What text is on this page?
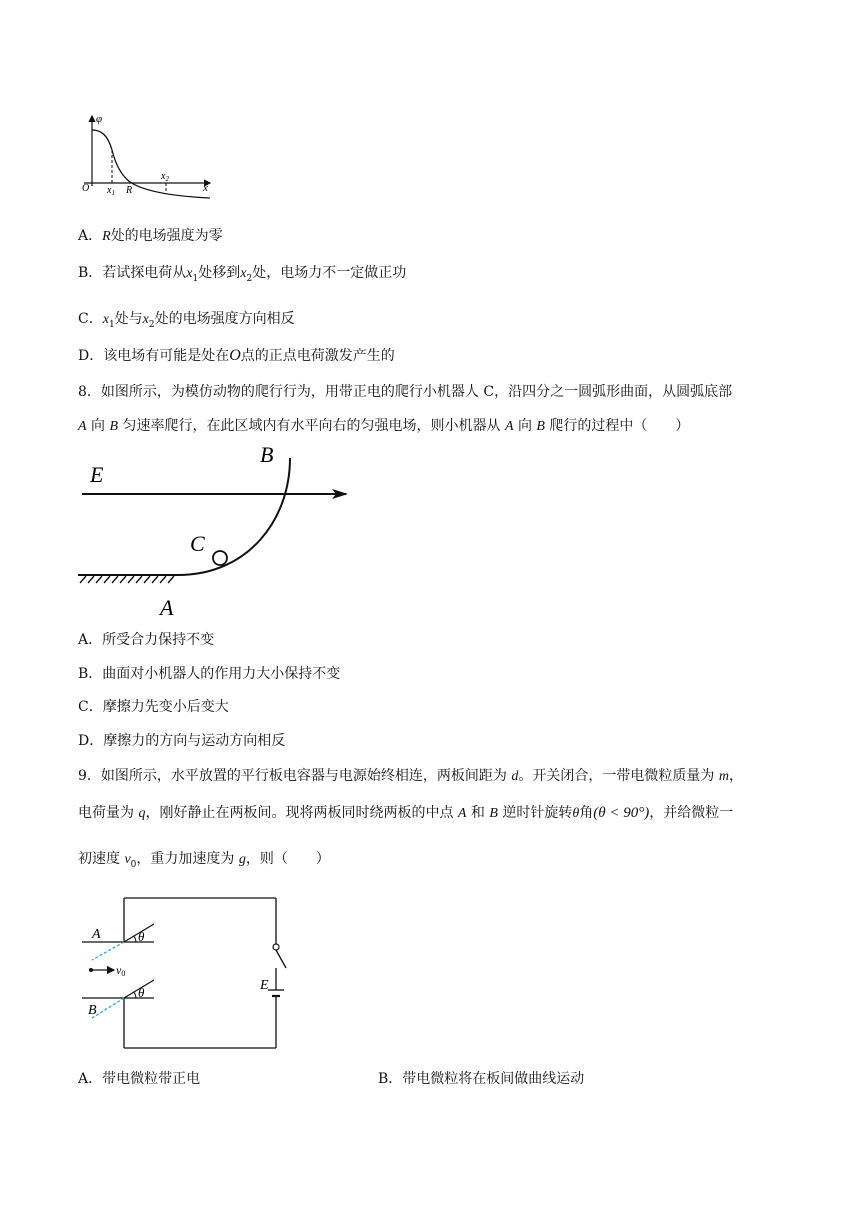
φ
O	x
$x_1$ R
$x_2$
A．R处的电场强度为零
B．若试探电荷从$x_1$处移到$x_2$处，电场力不一定做正功
C．$x_1$处与$x_2$处的电场强度方向相反
D．该电场有可能是处在O点的正点电荷激发产生的
8．如图所示，为模仿动物的爬行行为，用带正电的爬行小机器人 C，沿四分之一圆弧形曲面，从圆弧底部
A 向 B 匀速率爬行，在此区域内有水平向右的匀强电场，则小机器从 A 向 B 爬行的过程中（　　）
E
B
C
A
A．所受合力保持不变
B．曲面对小机器人的作用力大小保持不变
C．摩擦力先变小后变大
D．摩擦力的方向与运动方向相反
9．如图所示，水平放置的平行板电容器与电源始终相连，两板间距为 d。开关闭合，一带电微粒质量为 m，
电荷量为 q，刚好静止在两板间。现将两板同时绕两板的中点 A 和 B 逆时针旋转θ角(θ < 90°)，并给微粒一
初速度 $v_0$，重力加速度为 g，则（　　）
E
θ
θ
A
B
v0
A．带电微粒带正电	B．带电微粒将在板间做曲线运动
